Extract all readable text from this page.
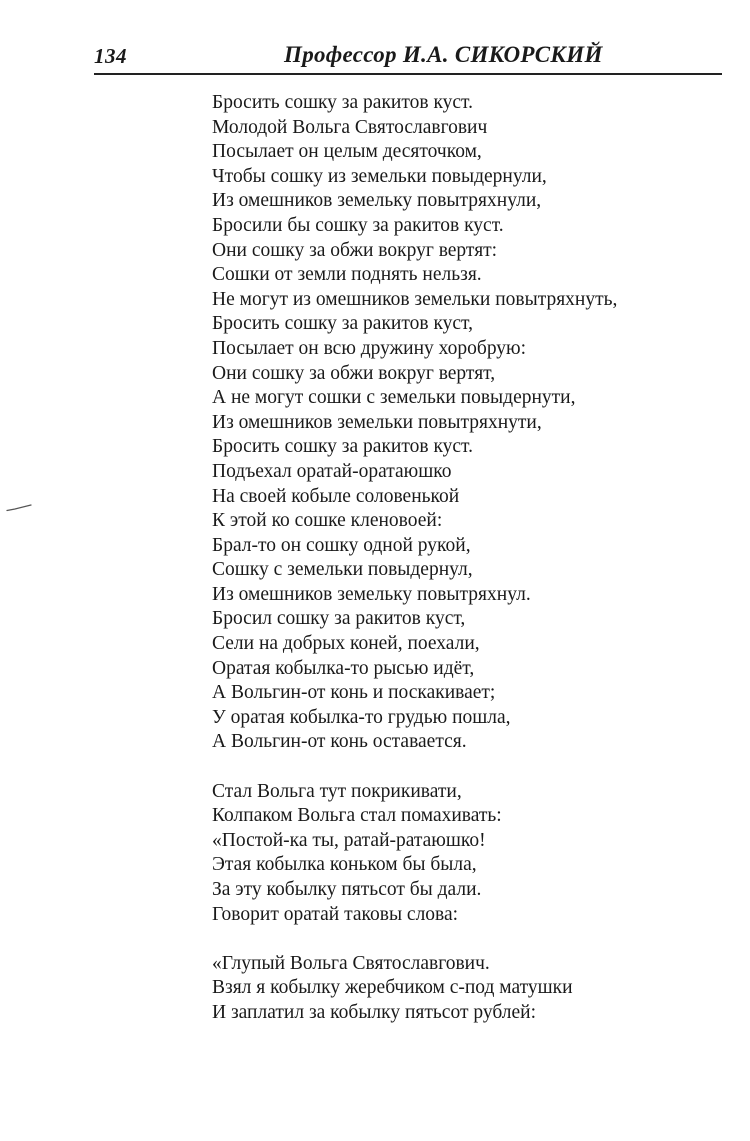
134	Профессор И.А. СИКОРСКИЙ
Бросить сошку за ракитов куст.
Молодой Вольга Святославгович
Посылает он целым десяточком,
Чтобы сошку из земельки повыдернули,
Из омешников земельку повытряхнули,
Бросили бы сошку за ракитов куст.
Они сошку за обжи вокруг вертят:
Сошки от земли поднять нельзя.
Не могут из омешников земельки повытряхнуть,
Бросить сошку за ракитов куст,
Посылает он всю дружину хоробрую:
Они сошку за обжи вокруг вертят,
А не могут сошки с земельки повыдернути,
Из омешников земельки повытряхнути,
Бросить сошку за ракитов куст.
Подъехал оратай-оратаюшко
На своей кобыле соловенькой
К этой ко сошке кленовоей:
Брал-то он сошку одной рукой,
Сошку с земельки повыдернул,
Из омешников земельку повытряхнул.
Бросил сошку за ракитов куст,
Сели на добрых коней, поехали,
Оратая кобылка-то рысью идёт,
А Вольгин-от конь и поскакивает;
У оратая кобылка-то грудью пошла,
А Вольгин-от конь оставается.
Стал Вольга тут покрикивати,
Колпаком Вольга стал помахивать:
«Постой-ка ты, ратай-ратаюшко!
Этая кобылка коньком бы была,
За эту кобылку пятьсот бы дали.
Говорит оратай таковы слова:
«Глупый Вольга Святославгович.
Взял я кобылку жеребчиком с-под матушки
И заплатил за кобылку пятьсот рублей:
